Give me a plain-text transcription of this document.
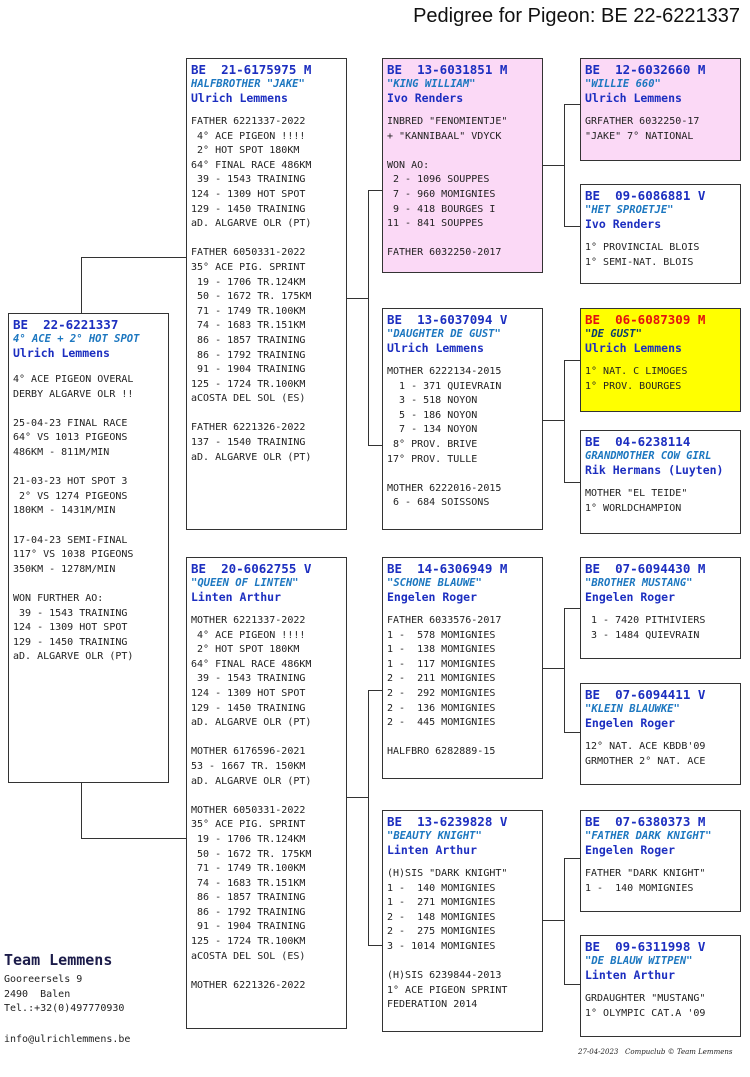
Pedigree for Pigeon: BE 22-6221337
BE  22-6221337
4° ACE + 2° HOT SPOT
Ulrich Lemmens
4° ACE PIGEON OVERAL
DERBY ALGARVE OLR !!

25-04-23 FINAL RACE
64° VS 1013 PIGEONS
486KM - 811M/MIN

21-03-23 HOT SPOT 3
2° VS 1274 PIGEONS
180KM - 1431M/MIN

17-04-23 SEMI-FINAL
117° VS 1038 PIGEONS
350KM - 1278M/MIN

WON FURTHER AO:
39 - 1543 TRAINING
124 - 1309 HOT SPOT
129 - 1450 TRAINING
aD. ALGARVE OLR (PT)
BE  21-6175975 M
HALFBROTHER "JAKE"
Ulrich Lemmens
FATHER 6221337-2022
4° ACE PIGEON !!!!
2° HOT SPOT 180KM
64° FINAL RACE 486KM
39 - 1543 TRAINING
124 - 1309 HOT SPOT
129 - 1450 TRAINING
aD. ALGARVE OLR (PT)

FATHER 6050331-2022
35° ACE PIG. SPRINT
19 - 1706 TR.124KM
50 - 1672 TR. 175KM
71 - 1749 TR.100KM
74 - 1683 TR.151KM
86 - 1857 TRAINING
86 - 1792 TRAINING
91 - 1904 TRAINING
125 - 1724 TR.100KM
aCOSTA DEL SOL (ES)

FATHER 6221326-2022
137 - 1540 TRAINING
aD. ALGARVE OLR (PT)
BE  20-6062755 V
"QUEEN OF LINTEN"
Linten Arthur
MOTHER 6221337-2022
4° ACE PIGEON !!!!
2° HOT SPOT 180KM
64° FINAL RACE 486KM
39 - 1543 TRAINING
124 - 1309 HOT SPOT
129 - 1450 TRAINING
aD. ALGARVE OLR (PT)

MOTHER 6176596-2021
53 - 1667 TR. 150KM
aD. ALGARVE OLR (PT)

MOTHER 6050331-2022
35° ACE PIG. SPRINT
19 - 1706 TR.124KM
50 - 1672 TR. 175KM
71 - 1749 TR.100KM
74 - 1683 TR.151KM
86 - 1857 TRAINING
86 - 1792 TRAINING
91 - 1904 TRAINING
125 - 1724 TR.100KM
aCOSTA DEL SOL (ES)

MOTHER 6221326-2022
BE  13-6031851 M
"KING WILLIAM"
Ivo Renders
INBRED "FENOMIENTJE"
+ "KANNIBAAL" VDYCK

WON AO:
2 - 1096 SOUPPES
7 - 960 MOMIGNIES
9 - 418 BOURGES I
11 - 841 SOUPPES

FATHER 6032250-2017
BE  13-6037094 V
"DAUGHTER DE GUST"
Ulrich Lemmens
MOTHER 6222134-2015
1 - 371 QUIEVRAIN
3 - 518 NOYON
5 - 186 NOYON
7 - 134 NOYON
8° PROV. BRIVE
17° PROV. TULLE

MOTHER 6222016-2015
6 - 684 SOISSONS
BE  14-6306949 M
"SCHONE BLAUWE"
Engelen Roger
FATHER 6033576-2017
1 -  578 MOMIGNIES
1 -  138 MOMIGNIES
1 -  117 MOMIGNIES
2 -  211 MOMIGNIES
2 -  292 MOMIGNIES
2 -  136 MOMIGNIES
2 -  445 MOMIGNIES

HALFBRO 6282889-15
BE  13-6239828 V
"BEAUTY KNIGHT"
Linten Arthur
(H)SIS "DARK KNIGHT"
1 -  140 MOMIGNIES
1 -  271 MOMIGNIES
2 -  148 MOMIGNIES
2 -  275 MOMIGNIES
3 - 1014 MOMIGNIES

(H)SIS 6239844-2013
1° ACE PIGEON SPRINT
FEDERATION 2014
BE  12-6032660 M
"WILLIE 660"
Ulrich Lemmens
GRFATHER 6032250-17
"JAKE" 7° NATIONAL
BE  09-6086881 V
"HET SPROETJE"
Ivo Renders
1° PROVINCIAL BLOIS
1° SEMI-NAT. BLOIS
BE  06-6087309 M
"DE GUST"
Ulrich Lemmens
1° NAT. C LIMOGES
1° PROV. BOURGES
BE  04-6238114
GRANDMOTHER COW GIRL
Rik Hermans (Luyten)
MOTHER "EL TEIDE"
1° WORLDCHAMPION
BE  07-6094430 M
"BROTHER MUSTANG"
Engelen Roger
1 - 7420 PITHIVIERS
3 - 1484 QUIEVRAIN
BE  07-6094411 V
"KLEIN BLAUWKE"
Engelen Roger
12° NAT. ACE KBDB'09
GRMOTHER 2° NAT. ACE
BE  07-6380373 M
"FATHER DARK KNIGHT"
Engelen Roger
FATHER "DARK KNIGHT"
1 -  140 MOMIGNIES
BE  09-6311998 V
"DE BLAUW WITPEN"
Linten Arthur
GRDAUGHTER "MUSTANG"
1° OLYMPIC CAT.A '09
Team Lemmens
Gooreersels 9
2490  Balen
Tel.:+32(0)497770930
info@ulrichlemmens.be
27-04-2023   Compuclub © Team Lemmens
